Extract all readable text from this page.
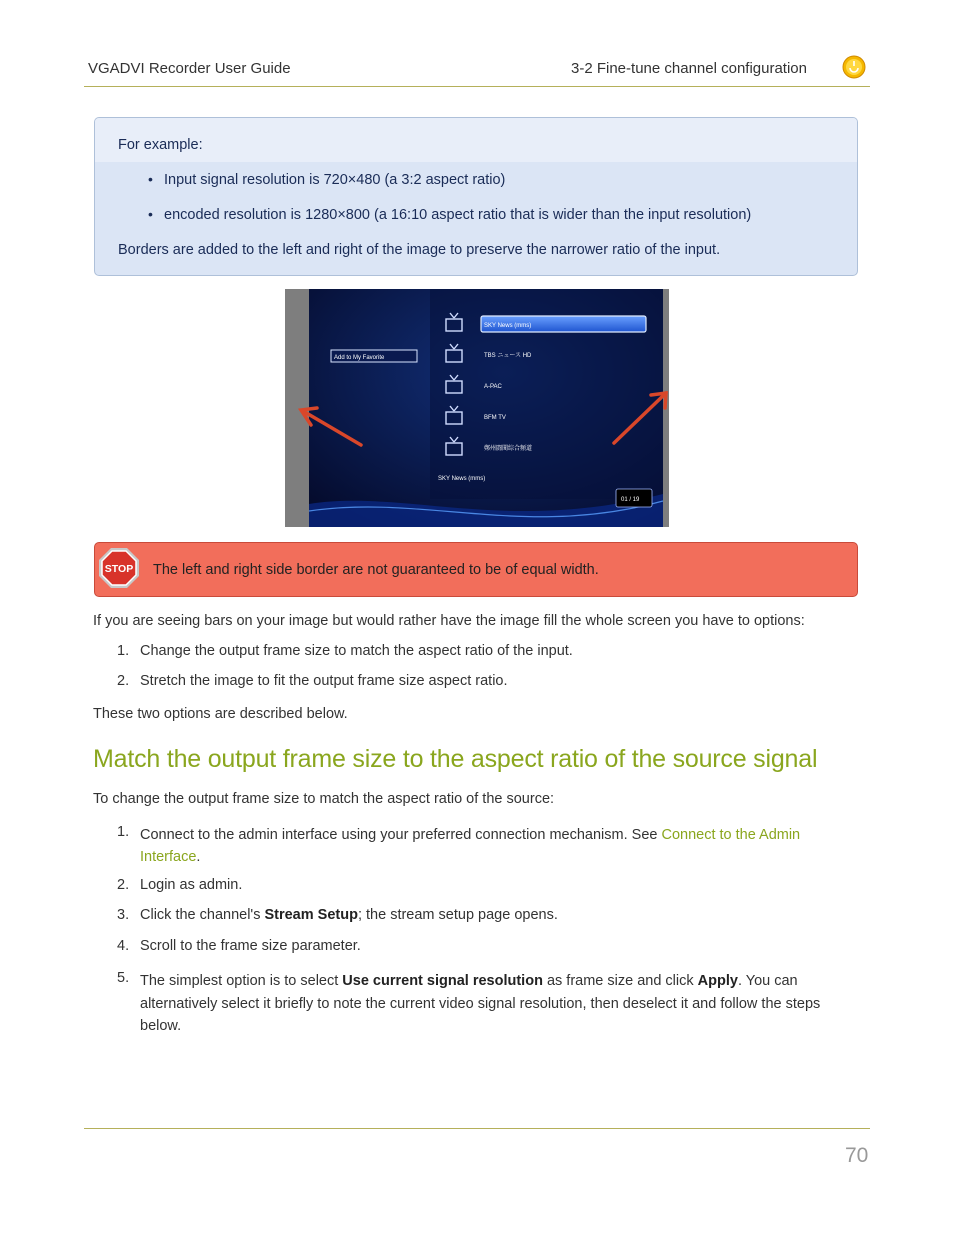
VGADVI Recorder User Guide	3-2 Fine-tune channel configuration
For example:
• Input signal resolution is 720×480 (a 3:2 aspect ratio)
• encoded resolution is 1280×800 (a 16:10 aspect ratio that is wider than the input resolution)
Borders are added to the left and right of the image to preserve the narrower ratio of the input.
Add to My Favorite
SKY News (mms)
TBS ニュース HD
A-PAC
BFM TV
鄭州闘聞综合頻道
SKY News (mms)
01 / 19
STOP The left and right side border are not guaranteed to be of equal width.
If you are seeing bars on your image but would rather have the image fill the whole screen you have to options:
1. Change the output frame size to match the aspect ratio of the input.
2. Stretch the image to fit the output frame size aspect ratio.
These two options are described below.
Match the output frame size to the aspect ratio of the source signal
To change the output frame size to match the aspect ratio of the source:
1. Connect to the admin interface using your preferred connection mechanism. See Connect to the Admin Interface.
2. Login as admin.
3. Click the channel's Stream Setup; the stream setup page opens.
4. Scroll to the frame size parameter.
5. The simplest option is to select Use current signal resolution as frame size and click Apply. You can alternatively select it briefly to note the current video signal resolution, then deselect it and follow the steps below.
70
